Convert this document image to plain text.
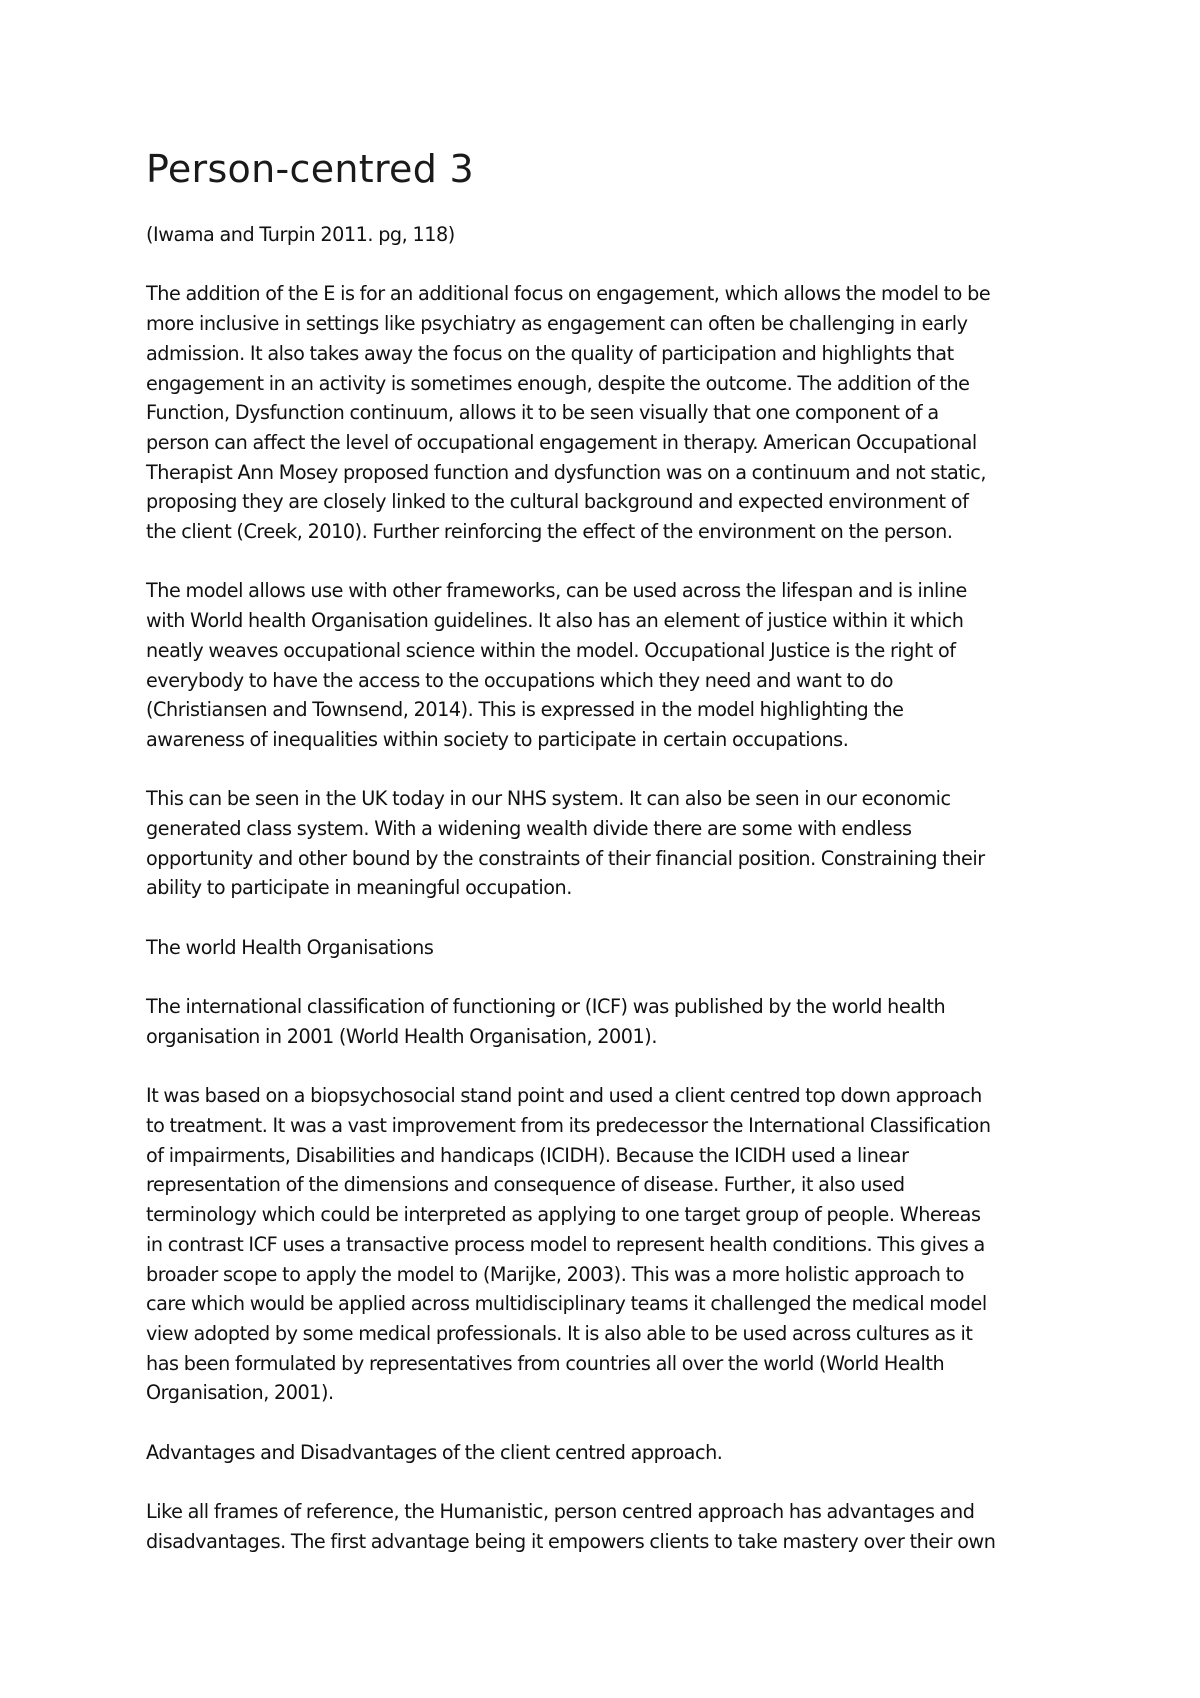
Person-centred 3

(Iwama and Turpin 2011. pg, 118)

The addition of the E is for an additional focus on engagement, which allows the model to be
more inclusive in settings like psychiatry as engagement can often be challenging in early
admission. It also takes away the focus on the quality of participation and highlights that
engagement in an activity is sometimes enough, despite the outcome. The addition of the
Function, Dysfunction continuum, allows it to be seen visually that one component of a
person can affect the level of occupational engagement in therapy. American Occupational
Therapist Ann Mosey proposed function and dysfunction was on a continuum and not static,
proposing they are closely linked to the cultural background and expected environment of
the client (Creek, 2010). Further reinforcing the effect of the environment on the person.

The model allows use with other frameworks, can be used across the lifespan and is inline
with World health Organisation guidelines. It also has an element of justice within it which
neatly weaves occupational science within the model. Occupational Justice is the right of
everybody to have the access to the occupations which they need and want to do
(Christiansen and Townsend, 2014). This is expressed in the model highlighting the
awareness of inequalities within society to participate in certain occupations.

This can be seen in the UK today in our NHS system. It can also be seen in our economic
generated class system. With a widening wealth divide there are some with endless
opportunity and other bound by the constraints of their financial position. Constraining their
ability to participate in meaningful occupation.

The world Health Organisations

The international classification of functioning or (ICF) was published by the world health
organisation in 2001 (World Health Organisation, 2001).

It was based on a biopsychosocial stand point and used a client centred top down approach
to treatment. It was a vast improvement from its predecessor the International Classification
of impairments, Disabilities and handicaps (ICIDH). Because the ICIDH used a linear
representation of the dimensions and consequence of disease. Further, it also used
terminology which could be interpreted as applying to one target group of people. Whereas
in contrast ICF uses a transactive process model to represent health conditions. This gives a
broader scope to apply the model to (Marijke, 2003). This was a more holistic approach to
care which would be applied across multidisciplinary teams it challenged the medical model
view adopted by some medical professionals. It is also able to be used across cultures as it
has been formulated by representatives from countries all over the world (World Health
Organisation, 2001).

Advantages and Disadvantages of the client centred approach.

Like all frames of reference, the Humanistic, person centred approach has advantages and
disadvantages. The first advantage being it empowers clients to take mastery over their own
